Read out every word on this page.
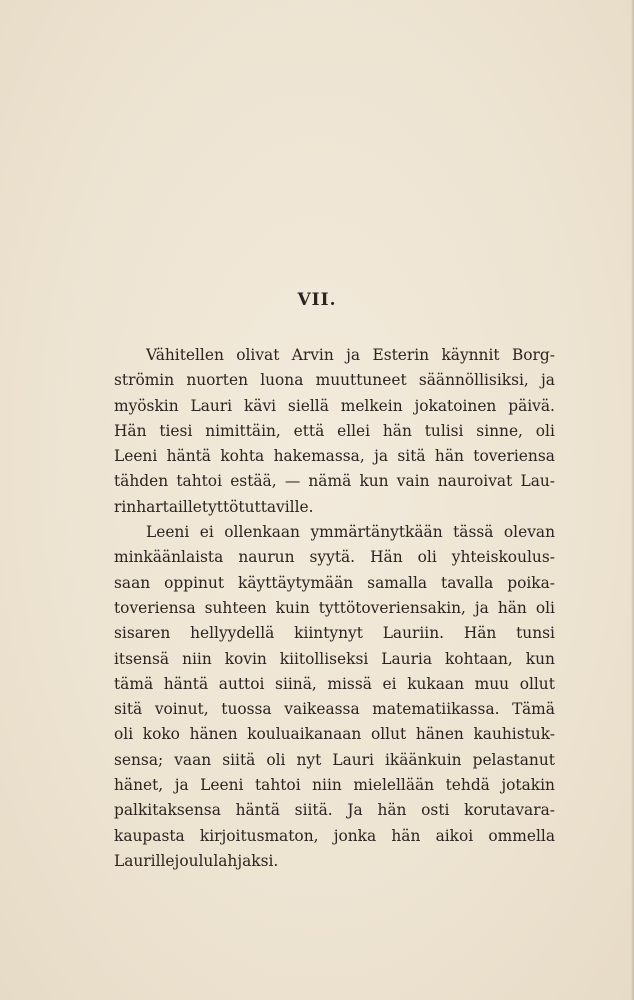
VII.
Vähitellen olivat Arvin ja Esterin käynnit Borg-
strömin nuorten luona muuttuneet säännöllisiksi, ja
myöskin Lauri kävi siellä melkein jokatoinen päivä.
Hän tiesi nimittäin, että ellei hän tulisi sinne, oli
Leeni häntä kohta hakemassa, ja sitä hän toveriensa
tähden tahtoi estää, — nämä kun vain nauroivat Lau-
rin hartaille tyttötuttaville.
Leeni ei ollenkaan ymmärtänytkään tässä olevan
minkäänlaista naurun syytä. Hän oli yhteiskoulus-
saan oppinut käyttäytymään samalla tavalla poika-
toveriensa suhteen kuin tyttötoveriensakin, ja hän oli
sisaren hellyydellä kiintynyt Lauriin. Hän tunsi
itsensä niin kovin kiitolliseksi Lauria kohtaan, kun
tämä häntä auttoi siinä, missä ei kukaan muu ollut
sitä voinut, tuossa vaikeassa matematiikassa. Tämä
oli koko hänen kouluaikanaan ollut hänen kauhistuk-
sensa; vaan siitä oli nyt Lauri ikäänkuin pelastanut
hänet, ja Leeni tahtoi niin mielellään tehdä jotakin
palkitaksensa häntä siitä. Ja hän osti korutavara-
kaupasta kirjoitusmaton, jonka hän aikoi ommella
Laurille joululahjaksi.
